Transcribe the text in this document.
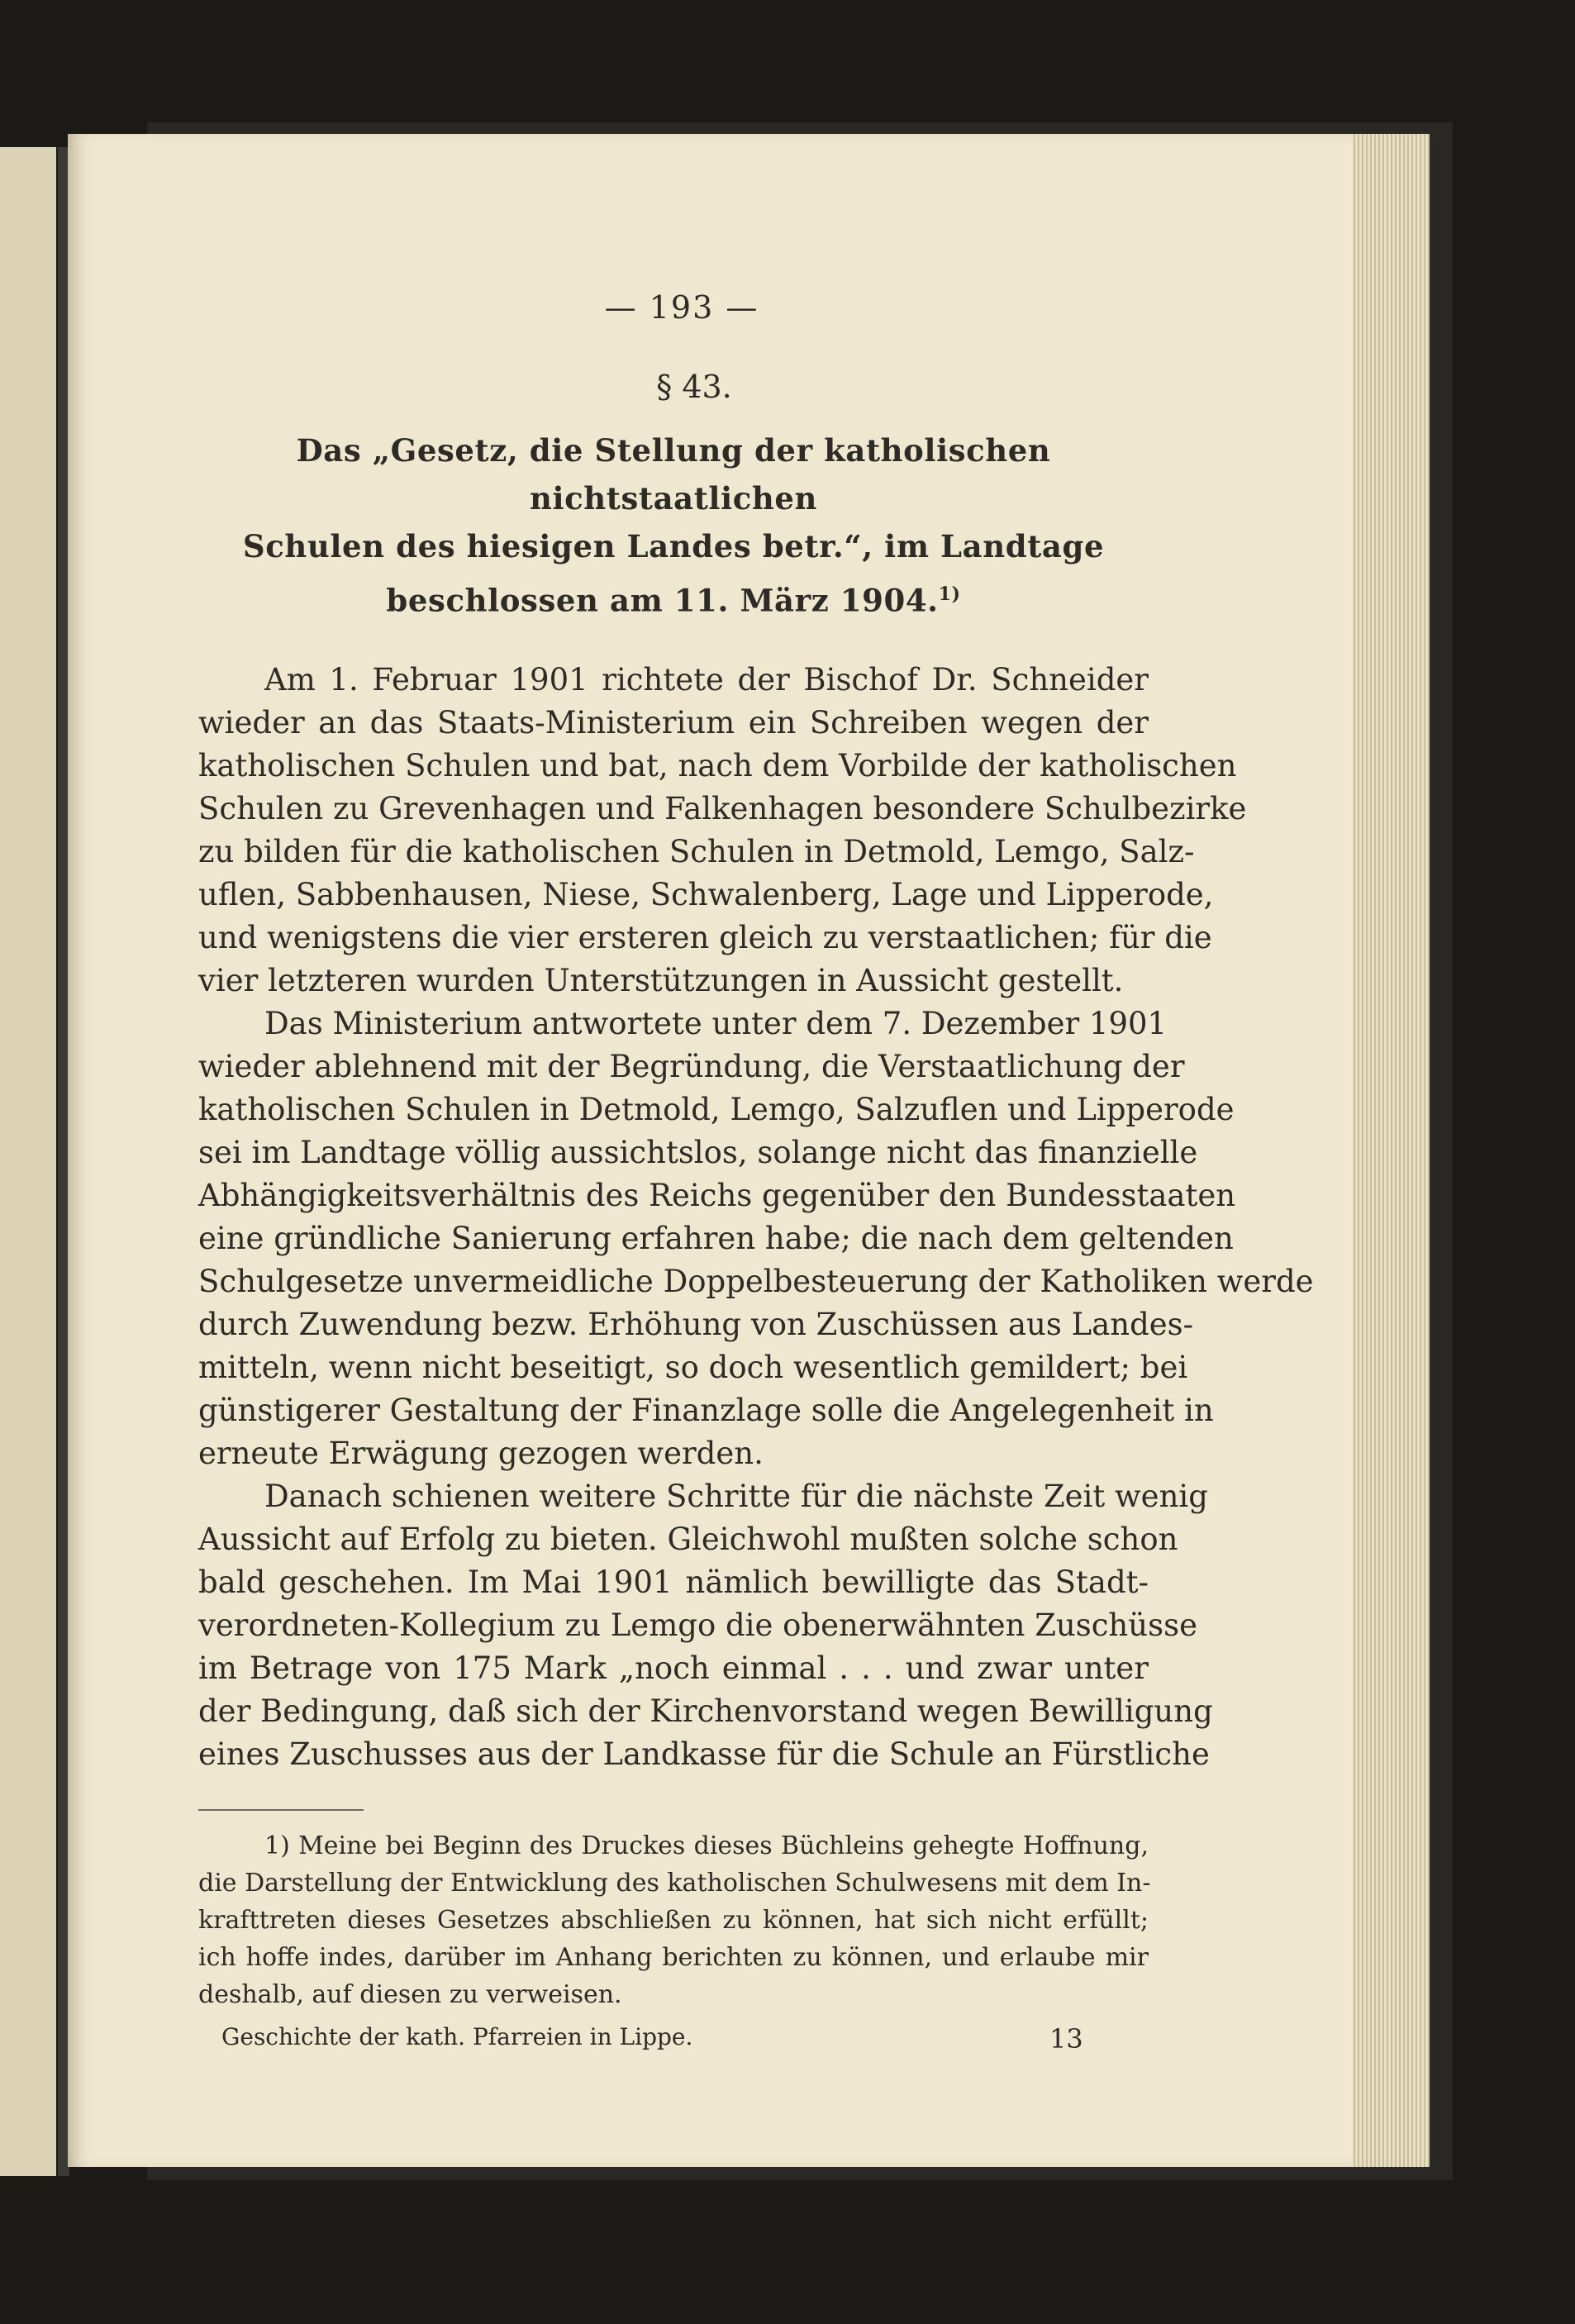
— 193 —

§ 43.

Das „Gesetz, die Stellung der katholischen nichtstaatlichen
Schulen des hiesigen Landes betr.“, im Landtage
beschlossen am 11. März 1904.$^{1)}$

Am 1. Februar 1901 richtete der Bischof Dr. Schneider
wieder an das Staats-Ministerium ein Schreiben wegen der
katholischen Schulen und bat, nach dem Vorbilde der katholischen
Schulen zu Grevenhagen und Falkenhagen besondere Schulbezirke
zu bilden für die katholischen Schulen in Detmold, Lemgo, Salz-
uflen, Sabbenhausen, Niese, Schwalenberg, Lage und Lipperode,
und wenigstens die vier ersteren gleich zu verstaatlichen; für die
vier letzteren wurden Unterstützungen in Aussicht gestellt.
Das Ministerium antwortete unter dem 7. Dezember 1901
wieder ablehnend mit der Begründung, die Verstaatlichung der
katholischen Schulen in Detmold, Lemgo, Salzuflen und Lipperode
sei im Landtage völlig aussichtslos, solange nicht das finanzielle
Abhängigkeitsverhältnis des Reichs gegenüber den Bundesstaaten
eine gründliche Sanierung erfahren habe; die nach dem geltenden
Schulgesetze unvermeidliche Doppelbesteuerung der Katholiken werde
durch Zuwendung bezw. Erhöhung von Zuschüssen aus Landes-
mitteln, wenn nicht beseitigt, so doch wesentlich gemildert; bei
günstigerer Gestaltung der Finanzlage solle die Angelegenheit in
erneute Erwägung gezogen werden.
Danach schienen weitere Schritte für die nächste Zeit wenig
Aussicht auf Erfolg zu bieten. Gleichwohl mußten solche schon
bald geschehen. Im Mai 1901 nämlich bewilligte das Stadt-
verordneten-Kollegium zu Lemgo die obenerwähnten Zuschüsse
im Betrage von 175 Mark „noch einmal . . . und zwar unter
der Bedingung, daß sich der Kirchenvorstand wegen Bewilligung
eines Zuschusses aus der Landkasse für die Schule an Fürstliche
1) Meine bei Beginn des Druckes dieses Büchleins gehegte Hoffnung,
die Darstellung der Entwicklung des katholischen Schulwesens mit dem In-
krafttreten dieses Gesetzes abschließen zu können, hat sich nicht erfüllt;
ich hoffe indes, darüber im Anhang berichten zu können, und erlaube mir
deshalb, auf diesen zu verweisen.
Geschichte der kath. Pfarreien in Lippe.	13
